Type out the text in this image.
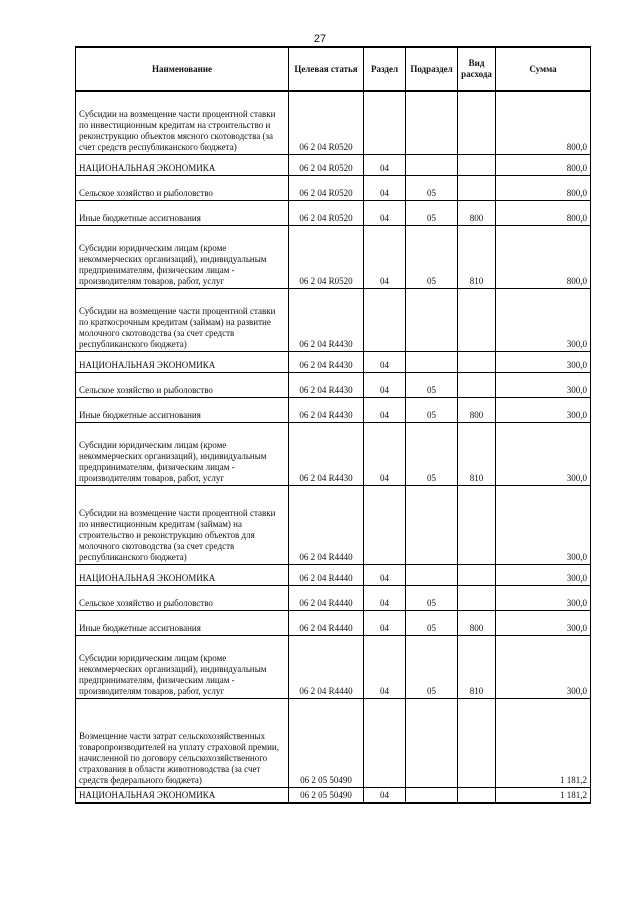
27
Наименование	Целевая статья	Раздел	Подраздел	Вид расхода	Сумма
Субсидии на возмещение части процентной ставки по инвестиционным кредитам на строительство и реконструкцию объектов мясного скотоводства (за счет средств республиканского бюджета)	06 2 04 R0520				800,0
НАЦИОНАЛЬНАЯ ЭКОНОМИКА	06 2 04 R0520	04			800,0
Сельское хозяйство и рыболовство	06 2 04 R0520	04	05		800,0
Иные бюджетные ассигнования	06 2 04 R0520	04	05	800	800,0
Субсидии юридическим лицам (кроме некоммерческих организаций), индивидуальным предпринимателям, физическим лицам - производителям товаров, работ, услуг	06 2 04 R0520	04	05	810	800,0
Субсидии на возмещение части процентной ставки по краткосрочным кредитам (займам) на развитие молочного скотоводства (за счет средств республиканского бюджета)	06 2 04 R4430				300,0
НАЦИОНАЛЬНАЯ ЭКОНОМИКА	06 2 04 R4430	04			300,0
Сельское хозяйство и рыболовство	06 2 04 R4430	04	05		300,0
Иные бюджетные ассигнования	06 2 04 R4430	04	05	800	300,0
Субсидии юридическим лицам (кроме некоммерческих организаций), индивидуальным предпринимателям, физическим лицам - производителям товаров, работ, услуг	06 2 04 R4430	04	05	810	300,0
Субсидии на возмещение части процентной ставки по инвестиционным кредитам (займам) на строительство и реконструкцию объектов для молочного скотоводства (за счет средств республиканского бюджета)	06 2 04 R4440				300,0
НАЦИОНАЛЬНАЯ ЭКОНОМИКА	06 2 04 R4440	04			300,0
Сельское хозяйство и рыболовство	06 2 04 R4440	04	05		300,0
Иные бюджетные ассигнования	06 2 04 R4440	04	05	800	300,0
Субсидии юридическим лицам (кроме некоммерческих организаций), индивидуальным предпринимателям, физическим лицам - производителям товаров, работ, услуг	06 2 04 R4440	04	05	810	300,0
Возмещение части затрат сельскохозяйственных товаропроизводителей на уплату страховой премии, начисленной по договору сельскохозяйственного страхования в области животноводства (за счет средств федерального бюджета)	06 2 05 50490				1 181,2
НАЦИОНАЛЬНАЯ ЭКОНОМИКА	06 2 05 50490	04			1 181,2
